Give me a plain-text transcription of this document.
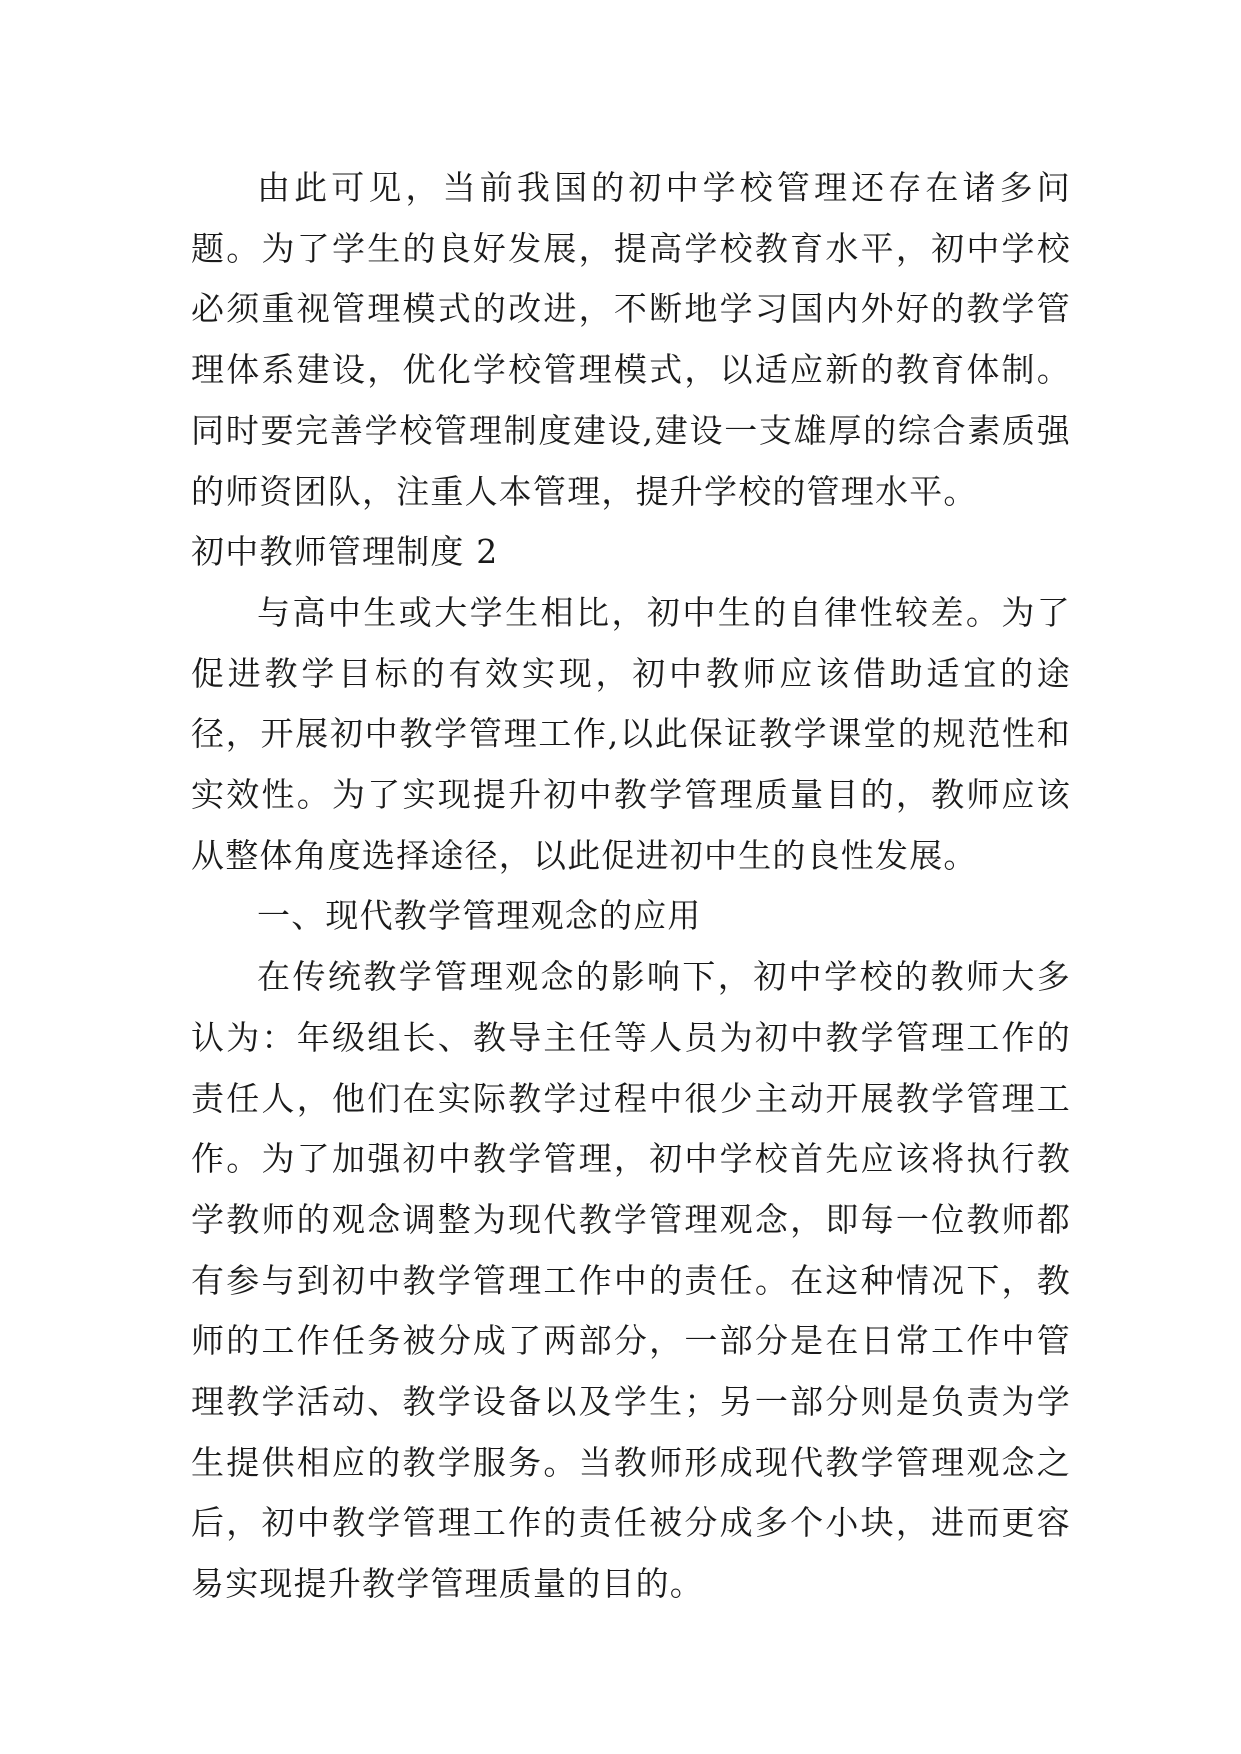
由此可见，当前我国的初中学校管理还存在诸多问题。为了学生的良好发展，提高学校教育水平，初中学校必须重视管理模式的改进，不断地学习国内外好的教学管理体系建设，优化学校管理模式，以适应新的教育体制。同时要完善学校管理制度建设,建设一支雄厚的综合素质强的师资团队，注重人本管理，提升学校的管理水平。

初中教师管理制度 2

与高中生或大学生相比，初中生的自律性较差。为了促进教学目标的有效实现，初中教师应该借助适宜的途径，开展初中教学管理工作,以此保证教学课堂的规范性和实效性。为了实现提升初中教学管理质量目的，教师应该从整体角度选择途径，以此促进初中生的良性发展。

一、现代教学管理观念的应用

在传统教学管理观念的影响下，初中学校的教师大多认为：年级组长、教导主任等人员为初中教学管理工作的责任人，他们在实际教学过程中很少主动开展教学管理工作。为了加强初中教学管理，初中学校首先应该将执行教学教师的观念调整为现代教学管理观念，即每一位教师都有参与到初中教学管理工作中的责任。在这种情况下，教师的工作任务被分成了两部分，一部分是在日常工作中管理教学活动、教学设备以及学生；另一部分则是负责为学生提供相应的教学服务。当教师形成现代教学管理观念之后，初中教学管理工作的责任被分成多个小块，进而更容易实现提升教学管理质量的目的。
